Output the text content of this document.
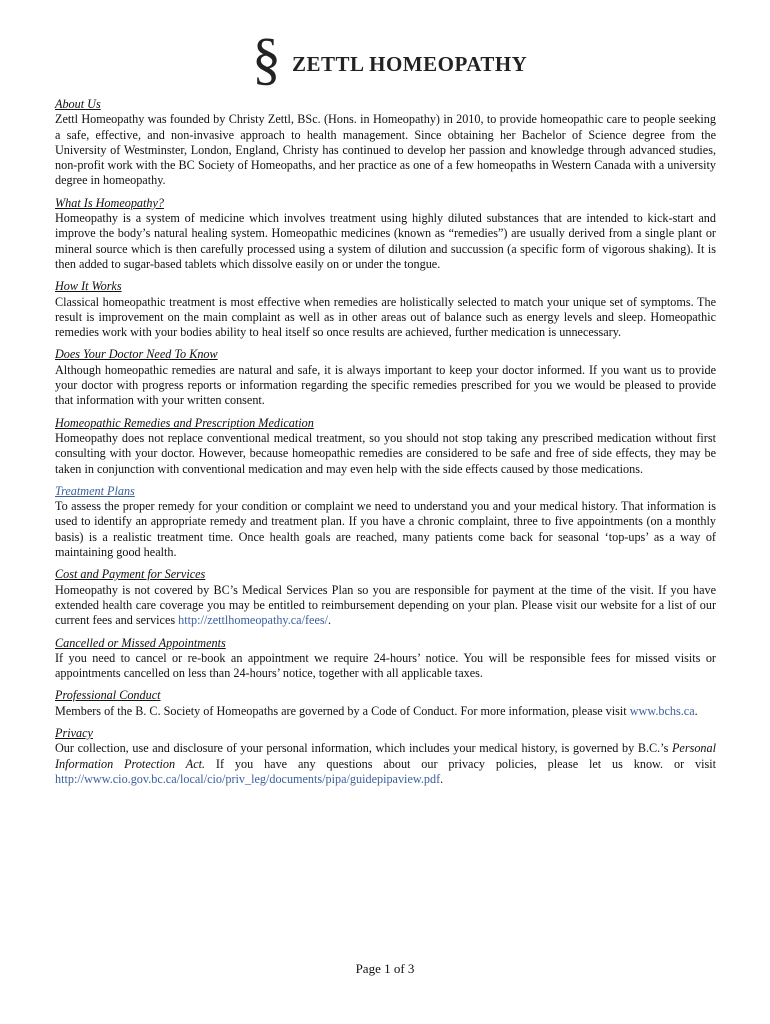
§ ZETTL HOMEOPATHY
About Us

Zettl Homeopathy was founded by Christy Zettl, BSc. (Hons. in Homeopathy) in 2010, to provide homeopathic care to people seeking a safe, effective, and non-invasive approach to health management. Since obtaining her Bachelor of Science degree from the University of Westminster, London, England, Christy has continued to develop her passion and knowledge through advanced studies, non-profit work with the BC Society of Homeopaths, and her practice as one of a few homeopaths in Western Canada with a university degree in homeopathy.

What Is Homeopathy?

Homeopathy is a system of medicine which involves treatment using highly diluted substances that are intended to kick-start and improve the body’s natural healing system. Homeopathic medicines (known as “remedies”) are usually derived from a single plant or mineral source which is then carefully processed using a system of dilution and succussion (a specific form of vigorous shaking). It is then added to sugar-based tablets which dissolve easily on or under the tongue.

How It Works

Classical homeopathic treatment is most effective when remedies are holistically selected to match your unique set of symptoms. The result is improvement on the main complaint as well as in other areas out of balance such as energy levels and sleep. Homeopathic remedies work with your bodies ability to heal itself so once results are achieved, further medication is unnecessary.

Does Your Doctor Need To Know

Although homeopathic remedies are natural and safe, it is always important to keep your doctor informed. If you want us to provide your doctor with progress reports or information regarding the specific remedies prescribed for you we would be pleased to provide that information with your written consent.

Homeopathic Remedies and Prescription Medication

Homeopathy does not replace conventional medical treatment, so you should not stop taking any prescribed medication without first consulting with your doctor. However, because homeopathic remedies are considered to be safe and free of side effects, they may be taken in conjunction with conventional medication and may even help with the side effects caused by those medications.

Treatment Plans

To assess the proper remedy for your condition or complaint we need to understand you and your medical history. That information is used to identify an appropriate remedy and treatment plan. If you have a chronic complaint, three to five appointments (on a monthly basis) is a realistic treatment time. Once health goals are reached, many patients come back for seasonal ‘top-ups’ as a way of maintaining good health.

Cost and Payment for Services

Homeopathy is not covered by BC’s Medical Services Plan so you are responsible for payment at the time of the visit. If you have extended health care coverage you may be entitled to reimbursement depending on your plan. Please visit our website for a list of our current fees and services http://zettlhomeopathy.ca/fees/.

Cancelled or Missed Appointments

If you need to cancel or re-book an appointment we require 24-hours’ notice. You will be responsible fees for missed visits or appointments cancelled on less than 24-hours’ notice, together with all applicable taxes.

Professional Conduct

Members of the B. C. Society of Homeopaths are governed by a Code of Conduct. For more information, please visit www.bchs.ca.

Privacy

Our collection, use and disclosure of your personal information, which includes your medical history, is governed by B.C.’s Personal Information Protection Act. If you have any questions about our privacy policies, please let us know. or visit http://www.cio.gov.bc.ca/local/cio/priv_leg/documents/pipa/guidepipaview.pdf.

Page 1 of 3
